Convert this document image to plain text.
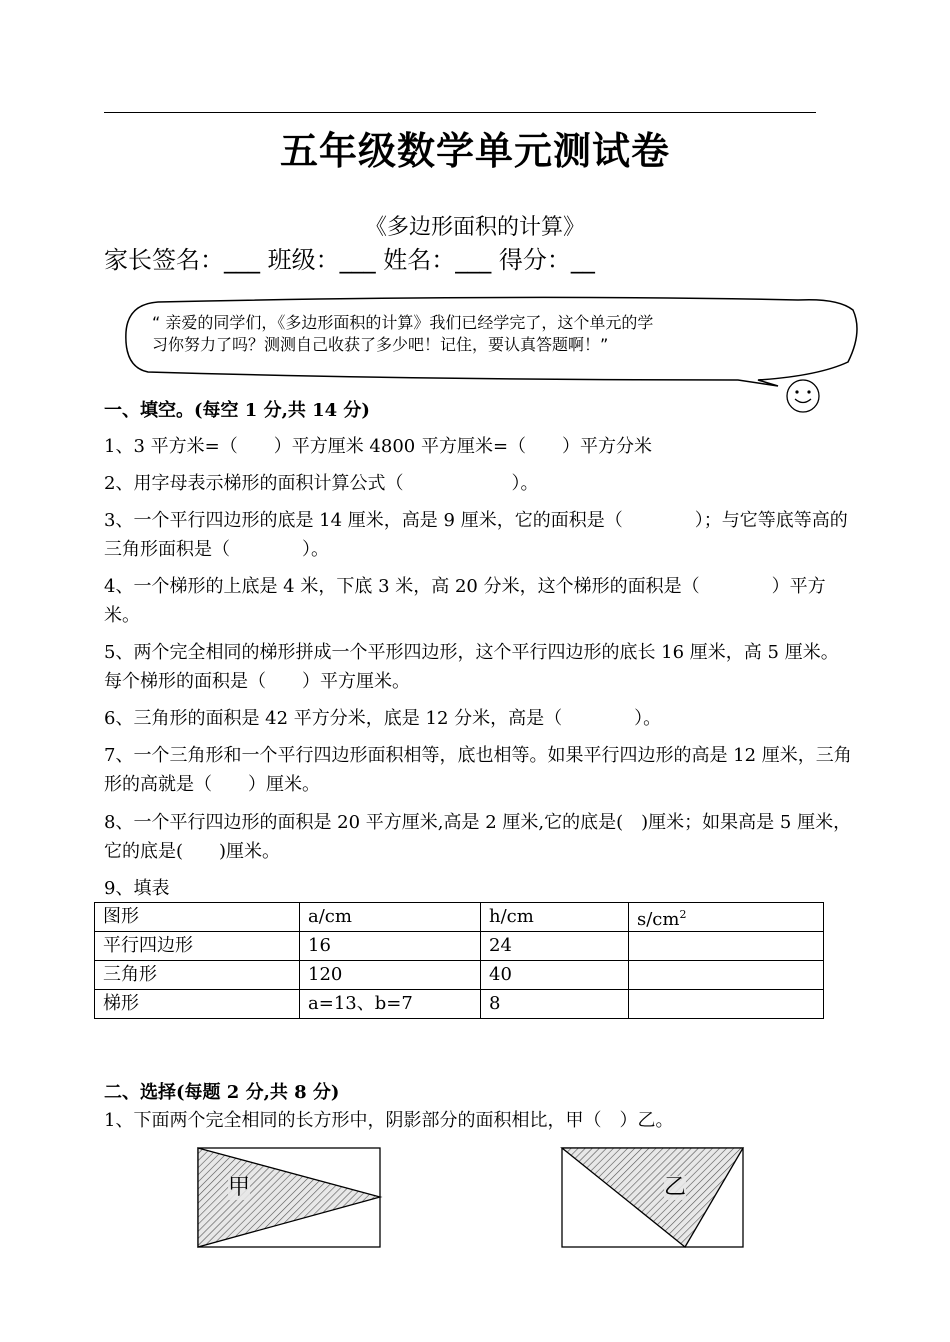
五年级数学单元测试卷
《多边形面积的计算》
家长签名：___ 班级：___ 姓名：___ 得分：__
“ 亲爱的同学们，《多边形面积的计算》我们已经学完了，这个单元的学
习你努力了吗？测测自己收获了多少吧！记住，要认真答题啊！”
一、填空。(每空 1 分,共 14 分)
1、3 平方米=（　　）平方厘米 4800 平方厘米=（　　）平方分米
2、用字母表示梯形的面积计算公式（　　　　　　）。
3、一个平行四边形的底是 14 厘米，高是 9 厘米，它的面积是（　　　　）；与它等底等高的三角形面积是（　　　　）。
4、一个梯形的上底是 4 米，下底 3 米，高 20 分米，这个梯形的面积是（　　　　）平方米。
5、两个完全相同的梯形拼成一个平形四边形，这个平行四边形的底长 16 厘米，高 5 厘米。每个梯形的面积是（　　）平方厘米。
6、三角形的面积是 42 平方分米，底是 12 分米，高是（　　　　）。
7、一个三角形和一个平行四边形面积相等，底也相等。如果平行四边形的高是 12 厘米，三角形的高就是（　　）厘米。
8、一个平行四边形的面积是 20 平方厘米,高是 2 厘米,它的底是(　)厘米；如果高是 5 厘米，它的底是(　　)厘米。
9、填表
图形	a/cm	h/cm	$s/cm^2$
平行四边形	16	24	
三角形	120	40	
梯形	a=13、b=7	8	
二、选择(每题 2 分,共 8 分)
1、下面两个完全相同的长方形中，阴影部分的面积相比，甲（　）乙。
甲	乙
